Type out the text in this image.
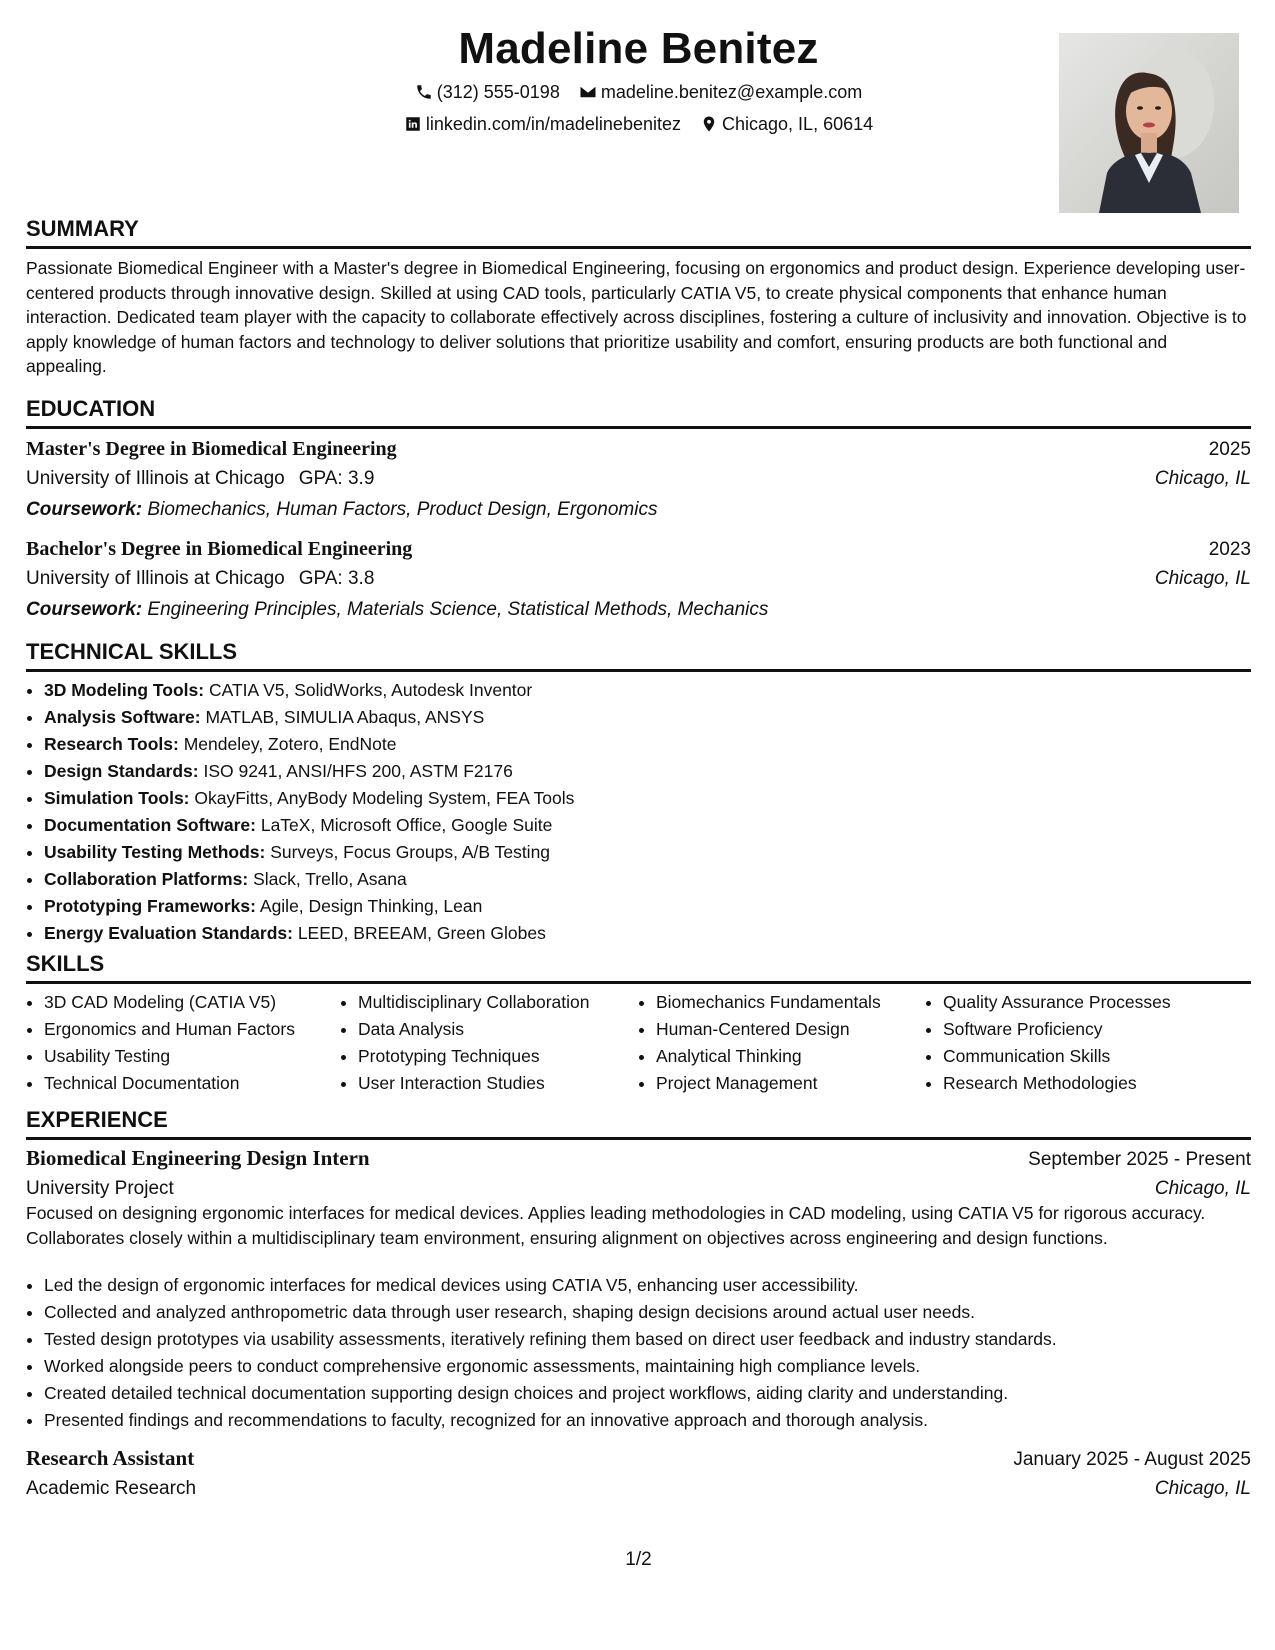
Madeline Benitez
(312) 555-0198
madeline.benitez@example.com
linkedin.com/in/madelinebenitez
Chicago, IL, 60614
SUMMARY
Passionate Biomedical Engineer with a Master's degree in Biomedical Engineering, focusing on ergonomics and product design. Experience developing user-centered products through innovative design. Skilled at using CAD tools, particularly CATIA V5, to create physical components that enhance human interaction. Dedicated team player with the capacity to collaborate effectively across disciplines, fostering a culture of inclusivity and innovation. Objective is to apply knowledge of human factors and technology to deliver solutions that prioritize usability and comfort, ensuring products are both functional and appealing.
EDUCATION
Master's Degree in Biomedical Engineering	2025
University of Illinois at Chicago GPA: 3.9	Chicago, IL
Coursework: Biomechanics, Human Factors, Product Design, Ergonomics
Bachelor's Degree in Biomedical Engineering	2023
University of Illinois at Chicago GPA: 3.8	Chicago, IL
Coursework: Engineering Principles, Materials Science, Statistical Methods, Mechanics
TECHNICAL SKILLS
• 3D Modeling Tools: CATIA V5, SolidWorks, Autodesk Inventor
• Analysis Software: MATLAB, SIMULIA Abaqus, ANSYS
• Research Tools: Mendeley, Zotero, EndNote
• Design Standards: ISO 9241, ANSI/HFS 200, ASTM F2176
• Simulation Tools: OkayFitts, AnyBody Modeling System, FEA Tools
• Documentation Software: LaTeX, Microsoft Office, Google Suite
• Usability Testing Methods: Surveys, Focus Groups, A/B Testing
• Collaboration Platforms: Slack, Trello, Asana
• Prototyping Frameworks: Agile, Design Thinking, Lean
• Energy Evaluation Standards: LEED, BREEAM, Green Globes
SKILLS
• 3D CAD Modeling (CATIA V5)
• Ergonomics and Human Factors
• Usability Testing
• Technical Documentation
• Multidisciplinary Collaboration
• Data Analysis
• Prototyping Techniques
• User Interaction Studies
• Biomechanics Fundamentals
• Human-Centered Design
• Analytical Thinking
• Project Management
• Quality Assurance Processes
• Software Proficiency
• Communication Skills
• Research Methodologies
EXPERIENCE
Biomedical Engineering Design Intern	September 2025 - Present
University Project	Chicago, IL
Focused on designing ergonomic interfaces for medical devices. Applies leading methodologies in CAD modeling, using CATIA V5 for rigorous accuracy. Collaborates closely within a multidisciplinary team environment, ensuring alignment on objectives across engineering and design functions.
• Led the design of ergonomic interfaces for medical devices using CATIA V5, enhancing user accessibility.
• Collected and analyzed anthropometric data through user research, shaping design decisions around actual user needs.
• Tested design prototypes via usability assessments, iteratively refining them based on direct user feedback and industry standards.
• Worked alongside peers to conduct comprehensive ergonomic assessments, maintaining high compliance levels.
• Created detailed technical documentation supporting design choices and project workflows, aiding clarity and understanding.
• Presented findings and recommendations to faculty, recognized for an innovative approach and thorough analysis.
Research Assistant	January 2025 - August 2025
Academic Research	Chicago, IL
1/2
